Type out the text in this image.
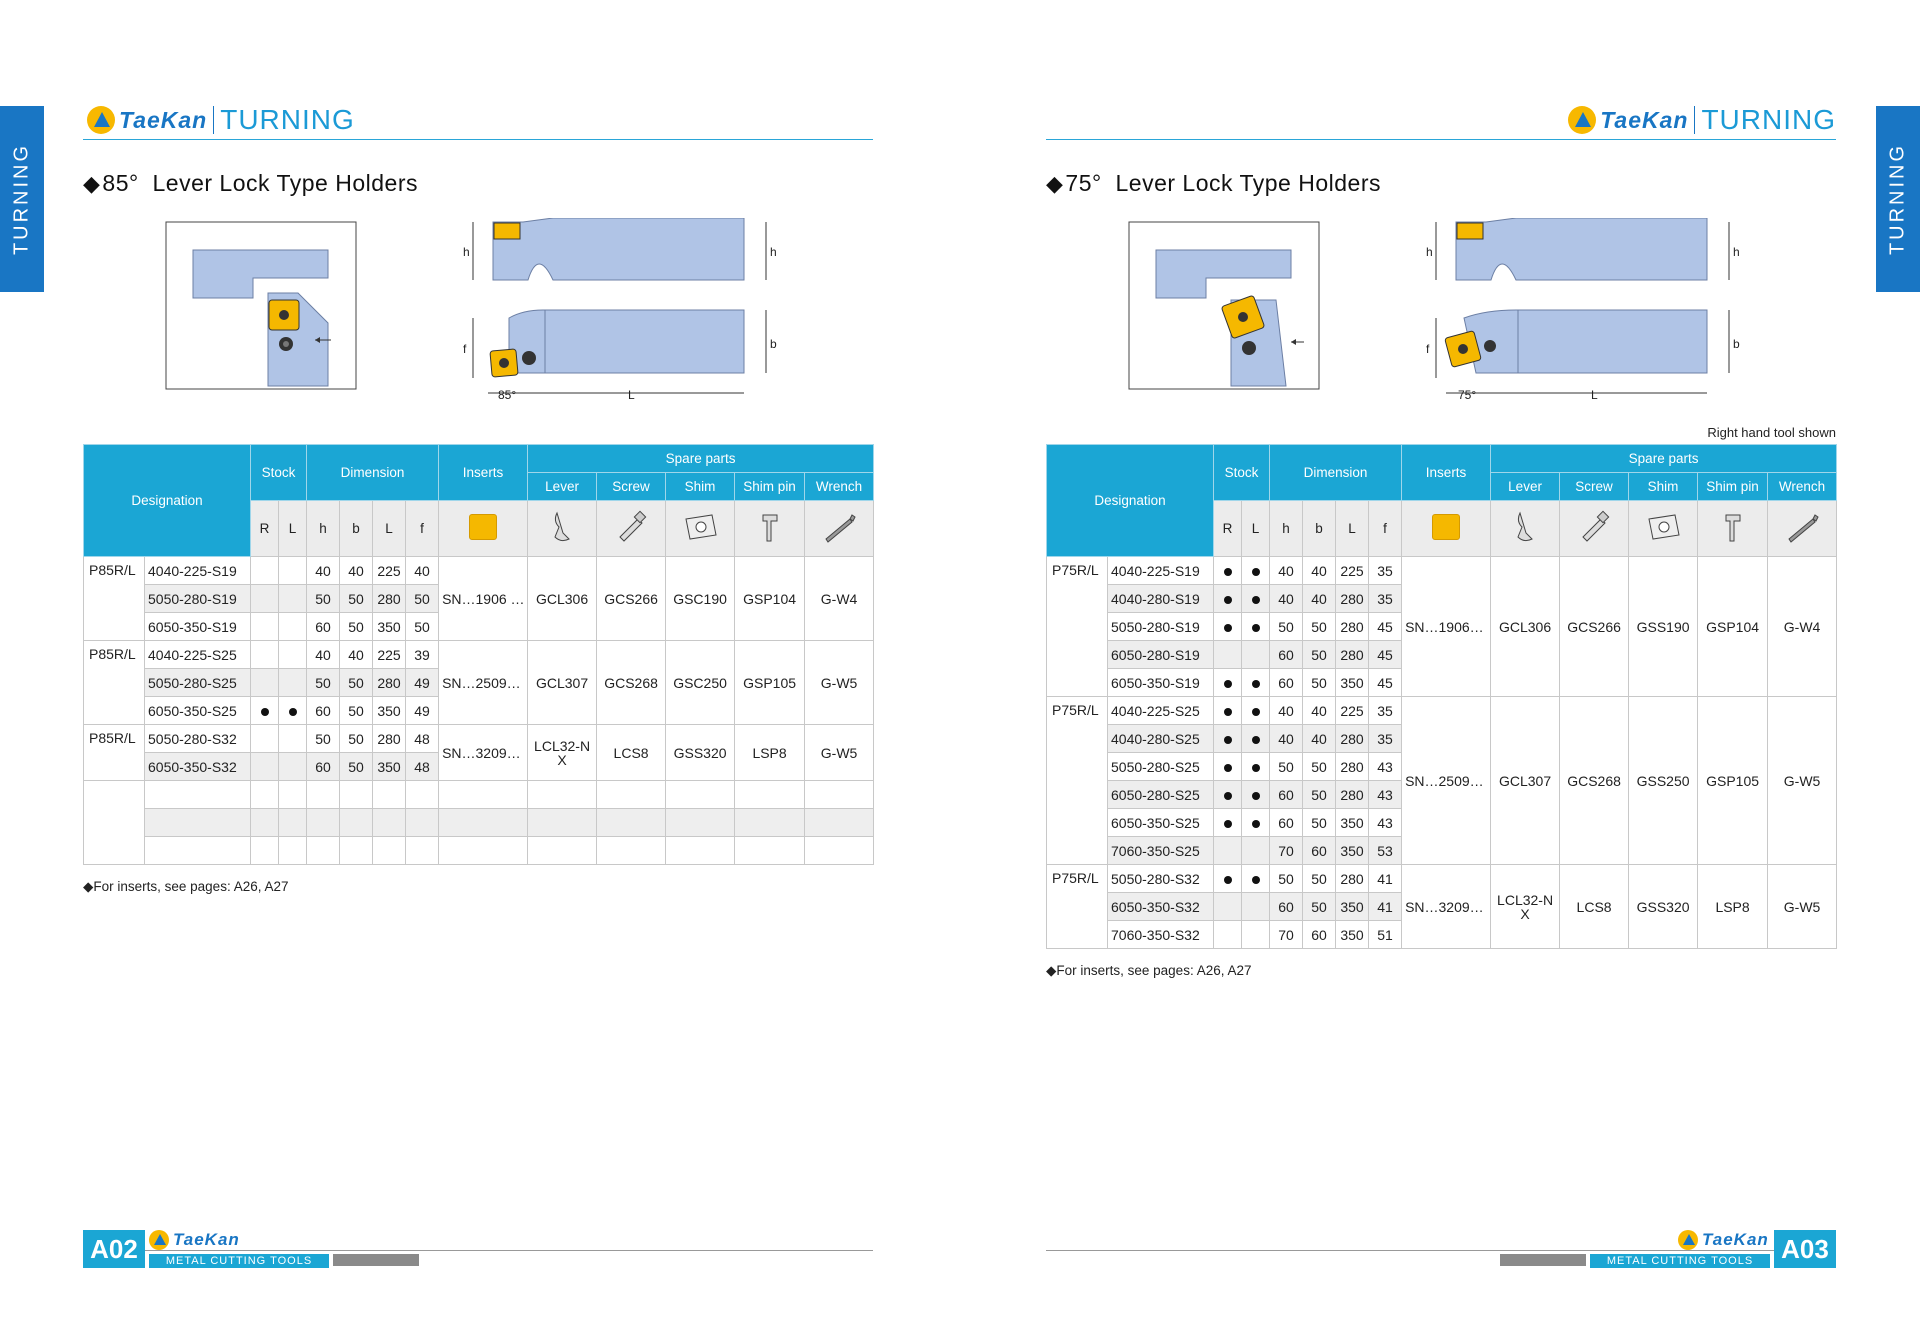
TURNING	TURNING
TaeKan TURNING
◆85° Lever Lock Type Holders
h	h
f	b
85°	L
Designation		Stock		Dimension				Inserts	Spare parts				
									Lever	Screw	Shim	Shim pin	Wrench
		R	L	h	b	L	f						
P85R/L	4040-225-S19			40	40	225	40	SN…1906 …	GCL306	GCS266	GSC190	GSP104	G-W4
	5050-280-S19			50	50	280	50						
	6050-350-S19			60	50	350	50						
P85R/L	4040-225-S25			40	40	225	39	SN…2509…	GCL307	GCS268	GSC250	GSP105	G-W5
	5050-280-S25			50	50	280	49						
	6050-350-S25			60	50	350	49						
P85R/L	5050-280-S32			50	50	280	48	SN…3209…	LCL32-NX	LCS8	GSS320	LSP8	G-W5
	6050-350-S32			60	50	350	48						

◆For inserts, see pages: A26, A27
A02	TaeKan
METAL CUTTING TOOLS
TaeKan TURNING
◆75° Lever Lock Type Holders
h	h
f	b
75°	L
Right hand tool shown
Designation		Stock		Dimension				Inserts	Spare parts				
									Lever	Screw	Shim	Shim pin	Wrench
		R	L	h	b	L	f						
P75R/L	4040-225-S19			40	40	225	35	SN…1906…	GCL306	GCS266	GSS190	GSP104	G-W4
	4040-280-S19			40	40	280	35						
	5050-280-S19			50	50	280	45						
	6050-280-S19			60	50	280	45						
	6050-350-S19			60	50	350	45						
P75R/L	4040-225-S25			40	40	225	35	SN…2509…	GCL307	GCS268	GSS250	GSP105	G-W5
	4040-280-S25			40	40	280	35						
	5050-280-S25			50	50	280	43						
	6050-280-S25			60	50	280	43						
	6050-350-S25			60	50	350	43						
	7060-350-S25			70	60	350	53						
P75R/L	5050-280-S32			50	50	280	41	SN…3209…	LCL32-NX	LCS8	GSS320	LSP8	G-W5
	6050-350-S32			60	50	350	41						
	7060-350-S32			70	60	350	51						
◆For inserts, see pages: A26, A27
A03
TaeKan
METAL CUTTING TOOLS
